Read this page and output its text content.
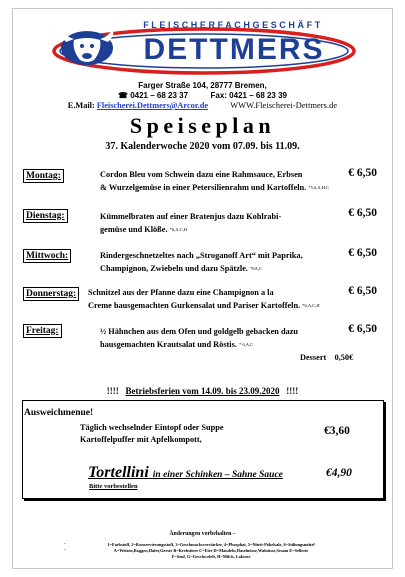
FLEISCHERFACHGESCHÄFT
DETTMERS
Farger Straße 104, 28777 Bremen,
☎ 0421 – 68 23 37	Fax: 0421 – 68 23 39
E.Mail: Fleischerei.Dettmers@Arcor.de	WWW.Fleischerei-Dettmers.de
Speiseplan
37. Kalenderwoche 2020 vom 07.09. bis 11.09.
Montag:	Cordon Bleu vom Schwein dazu eine Rahmsauce, Erbsen
& Wurzelgemüse in einer Petersilienrahm und Kartoffeln. *5,6,A,H,C
€ 6,50
Dienstag:	Kümmelbraten auf einer Bratenjus dazu Kohlrabi-
gemüse und Klöße. *6,A,C,H
€ 6,50
Mittwoch:	Rindergeschnetzeltes nach „Stroganoff Art“ mit Paprika,
Champignon, Zwiebeln und dazu Spätzle. *6A,C
€ 6,50
Donnerstag:	Schnitzel aus der Pfanne dazu eine Champignon a la
Creme hausgemachten Gurkensalat und Pariser Kartoffeln. *6,A,C,H
€ 6,50
Freitag:	½ Hähnchen aus dem Ofen und goldgelb gebacken dazu
hausgemachten Krautsalat und Röstis. * 6,A,C
€ 6,50
Dessert 0,50€
!!!! Betriebsferien vom 14.09. bis 23.09.2020 !!!!
Ausweichmenue!
Täglich wechselnder Eintopf oder Suppe
Kartoffelpuffer mit Apfelkompott,
€3,60
Tortellini in einer Schinken – Sahne Sauce	€4,90
Bitte vorbestellen
Änderungen vorbehalten –
-
-
1=Farbstoff, 2=Konservierungsstoff, 3=Geschmacksverstärker, 4=Phosphat, 5=Nitrit-Pökelsalz, 6=Süßungsmittel
A=Weizen,Roggen,Hafer,Gerste B=Krebstiere C=Eier D=Mandeln,Haselnüsse,Walnüsse,Sesam E=Sellerie
F=Senf, G=Geschwefelt, H=Milch, Laktose
